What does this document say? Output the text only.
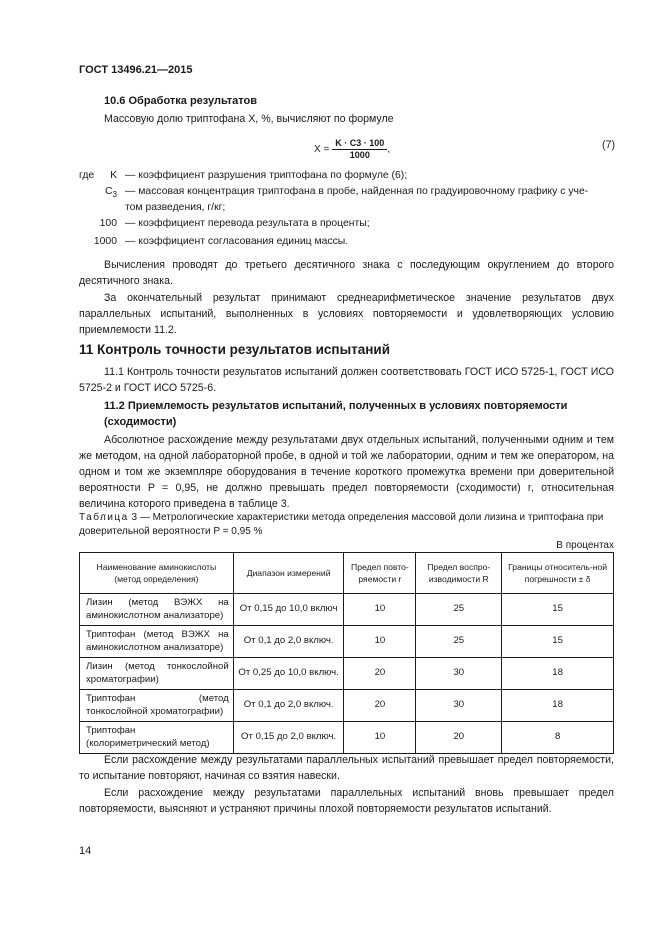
ГОСТ 13496.21—2015
10.6 Обработка результатов
Массовую долю триптофана X, %, вычисляют по формуле
$X = \frac{K \cdot C3 \cdot 100}{1000}$ ,	(7)
где	K — коэффициент разрушения триптофана по формуле (6);
$C_3$ — массовая концентрация триптофана в пробе, найденная по градуировочному графику с уче-
том разведения, г/кг;
100 — коэффициент перевода результата в проценты;
1000 — коэффициент согласования единиц массы.
Вычисления проводят до третьего десятичного знака с последующим округлением до второго десятичного знака.
За окончательный результат принимают среднеарифметическое значение результатов двух параллельных испытаний, выполненных в условиях повторяемости и удовлетворяющих условию приемлемости 11.2.
11 Контроль точности результатов испытаний
11.1 Контроль точности результатов испытаний должен соответствовать ГОСТ ИСО 5725-1, ГОСТ ИСО 5725-2 и ГОСТ ИСО 5725-6.
11.2 Приемлемость результатов испытаний, полученных в условиях повторяемости (сходимости)
Абсолютное расхождение между результатами двух отдельных испытаний, полученными одним и тем же методом, на одной лабораторной пробе, в одной и той же лаборатории, одним и тем же оператором, на одном и том же экземпляре оборудования в течение короткого промежутка времени при доверительной вероятности P = 0,95, не должно превышать предел повторяемости (сходимости) r, относительная величина которого приведена в таблице 3.
Таблица 3 — Метрологические характеристики метода определения массовой доли лизина и триптофана при доверительной вероятности P = 0,95 %
В процентах
Наименование аминокислоты (метод определения)	Диапазон измерений	Предел повто-ряемости r	Предел воспро-изводимости R	Границы относитель-ной погрешности ± δ
Лизин (метод ВЭЖХ на аминокислотном анализаторе)	От 0,15 до 10,0 включ	10	25	15
Триптофан (метод ВЭЖХ на аминокислотном анализаторе)	От 0,1 до 2,0 включ.	10	25	15
Лизин (метод тонкослойной хроматографии)	От 0,25 до 10,0 включ.	20	30	18
Триптофан (метод тонкослойной хроматографии)	От 0,1 до 2,0 включ.	20	30	18
Триптофан (колориметрический метод)	От 0,15 до 2,0 включ.	10	20	8
Если расхождение между результатами параллельных испытаний превышает предел повторяемости, то испытание повторяют, начиная со взятия навески.
Если расхождение между результатами параллельных испытаний вновь превышает предел повторяемости, выясняют и устраняют причины плохой повторяемости результатов испытаний.
14
